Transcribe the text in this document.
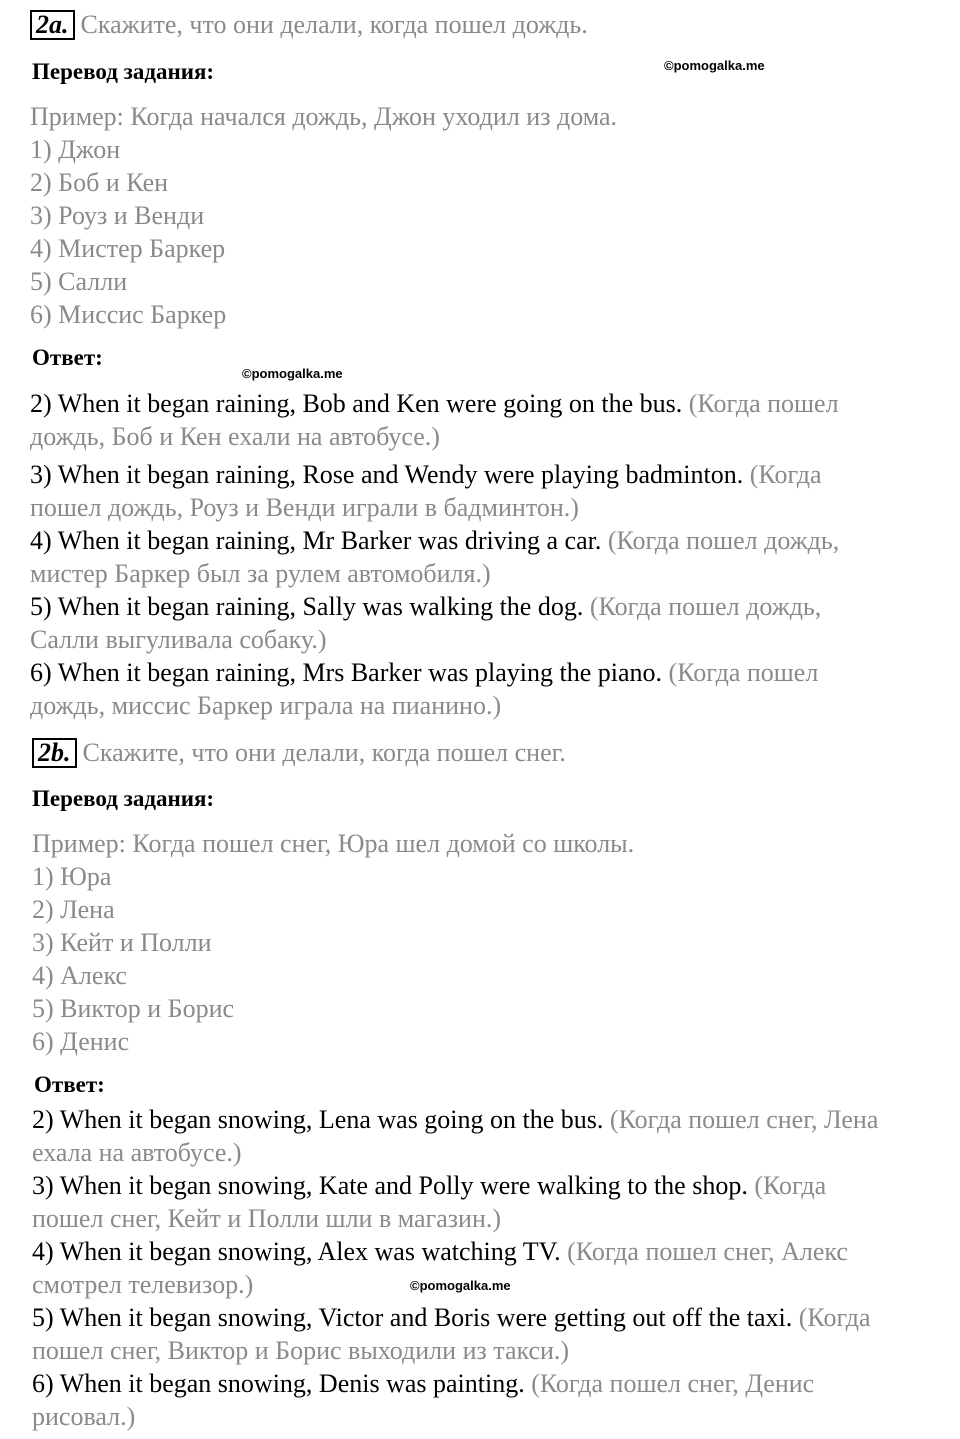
2a. Скажите, что они делали, когда пошел дождь.
©pomogalka.me
Перевод задания:
Пример: Когда начался дождь, Джон уходил из дома.
1) Джон
2) Боб и Кен
3) Роуз и Венди
4) Мистер Баркер
5) Салли
6) Миссис Баркер
Ответ:
©pomogalka.me
2) When it began raining, Bob and Ken were going on the bus. (Когда пошел
дождь, Боб и Кен ехали на автобусе.)
3) When it began raining, Rose and Wendy were playing badminton. (Когда
пошел дождь, Роуз и Венди играли в бадминтон.)
4) When it began raining, Mr Barker was driving a car. (Когда пошел дождь,
мистер Баркер был за рулем автомобиля.)
5) When it began raining, Sally was walking the dog. (Когда пошел дождь,
Салли выгуливала собаку.)
6) When it began raining, Mrs Barker was playing the piano. (Когда пошел
дождь, миссис Баркер играла на пианино.)
2b. Скажите, что они делали, когда пошел снег.
Перевод задания:
Пример: Когда пошел снег, Юра шел домой со школы.
1) Юра
2) Лена
3) Кейт и Полли
4) Алекс
5) Виктор и Борис
6) Денис
Ответ:
2) When it began snowing, Lena was going on the bus. (Когда пошел снег, Лена
ехала на автобусе.)
3) When it began snowing, Kate and Polly were walking to the shop. (Когда
пошел снег, Кейт и Полли шли в магазин.)
4) When it began snowing, Alex was watching TV. (Когда пошел снег, Алекс
смотрел телевизор.)	©pomogalka.me
5) When it began snowing, Victor and Boris were getting out off the taxi. (Когда
пошел снег, Виктор и Борис выходили из такси.)
6) When it began snowing, Denis was painting. (Когда пошел снег, Денис
рисовал.)
